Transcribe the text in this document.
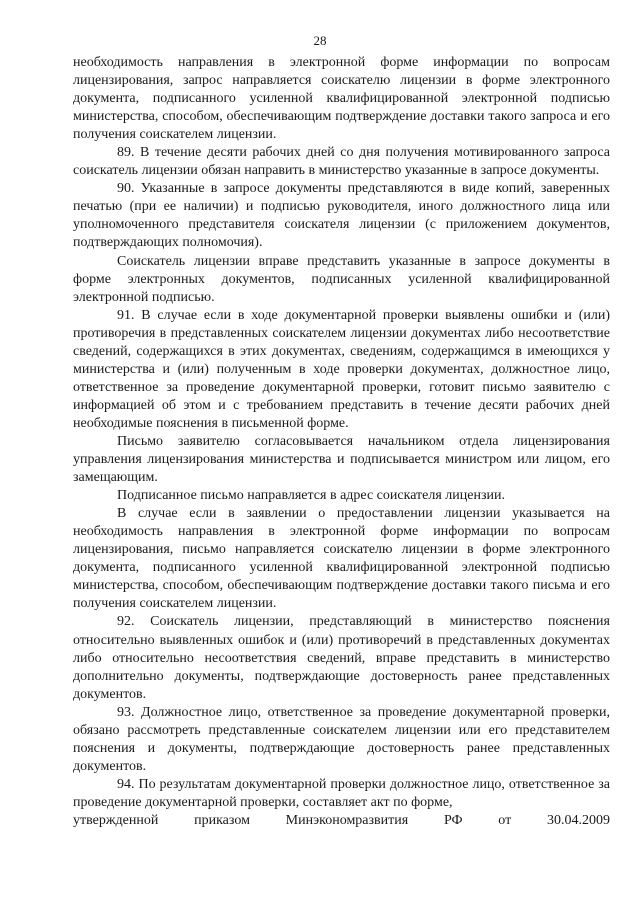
28

необходимость направления в электронной форме информации по вопросам лицензирования, запрос направляется соискателю лицензии в форме электронного документа, подписанного усиленной квалифицированной электронной подписью министерства, способом, обеспечивающим подтверждение доставки такого запроса и его получения соискателем лицензии.

89. В течение десяти рабочих дней со дня получения мотивированного запроса соискатель лицензии обязан направить в министерство указанные в запросе документы.

90. Указанные в запросе документы представляются в виде копий, заверенных печатью (при ее наличии) и подписью руководителя, иного должностного лица или уполномоченного представителя соискателя лицензии (с приложением документов, подтверждающих полномочия).

Соискатель лицензии вправе представить указанные в запросе документы в форме электронных документов, подписанных усиленной квалифицированной электронной подписью.

91. В случае если в ходе документарной проверки выявлены ошибки и (или) противоречия в представленных соискателем лицензии документах либо несоответствие сведений, содержащихся в этих документах, сведениям, содержащимся в имеющихся у министерства и (или) полученным в ходе проверки документах, должностное лицо, ответственное за проведение документарной проверки, готовит письмо заявителю с информацией об этом и с требованием представить в течение десяти рабочих дней необходимые пояснения в письменной форме.

Письмо заявителю согласовывается начальником отдела лицензирования управления лицензирования министерства и подписывается министром или лицом, его замещающим.

Подписанное письмо направляется в адрес соискателя лицензии.

В случае если в заявлении о предоставлении лицензии указывается на необходимость направления в электронной форме информации по вопросам лицензирования, письмо направляется соискателю лицензии в форме электронного документа, подписанного усиленной квалифицированной электронной подписью министерства, способом, обеспечивающим подтверждение доставки такого письма и его получения соискателем лицензии.

92. Соискатель лицензии, представляющий в министерство пояснения относительно выявленных ошибок и (или) противоречий в представленных документах либо относительно несоответствия сведений, вправе представить в министерство дополнительно документы, подтверждающие достоверность ранее представленных документов.

93. Должностное лицо, ответственное за проведение документарной проверки, обязано рассмотреть представленные соискателем лицензии или его представителем пояснения и документы, подтверждающие достоверность ранее представленных документов.

94. По результатам документарной проверки должностное лицо, ответственное за проведение документарной проверки, составляет акт по форме,
утвержденной приказом Минэкономразвития РФ от 30.04.2009
